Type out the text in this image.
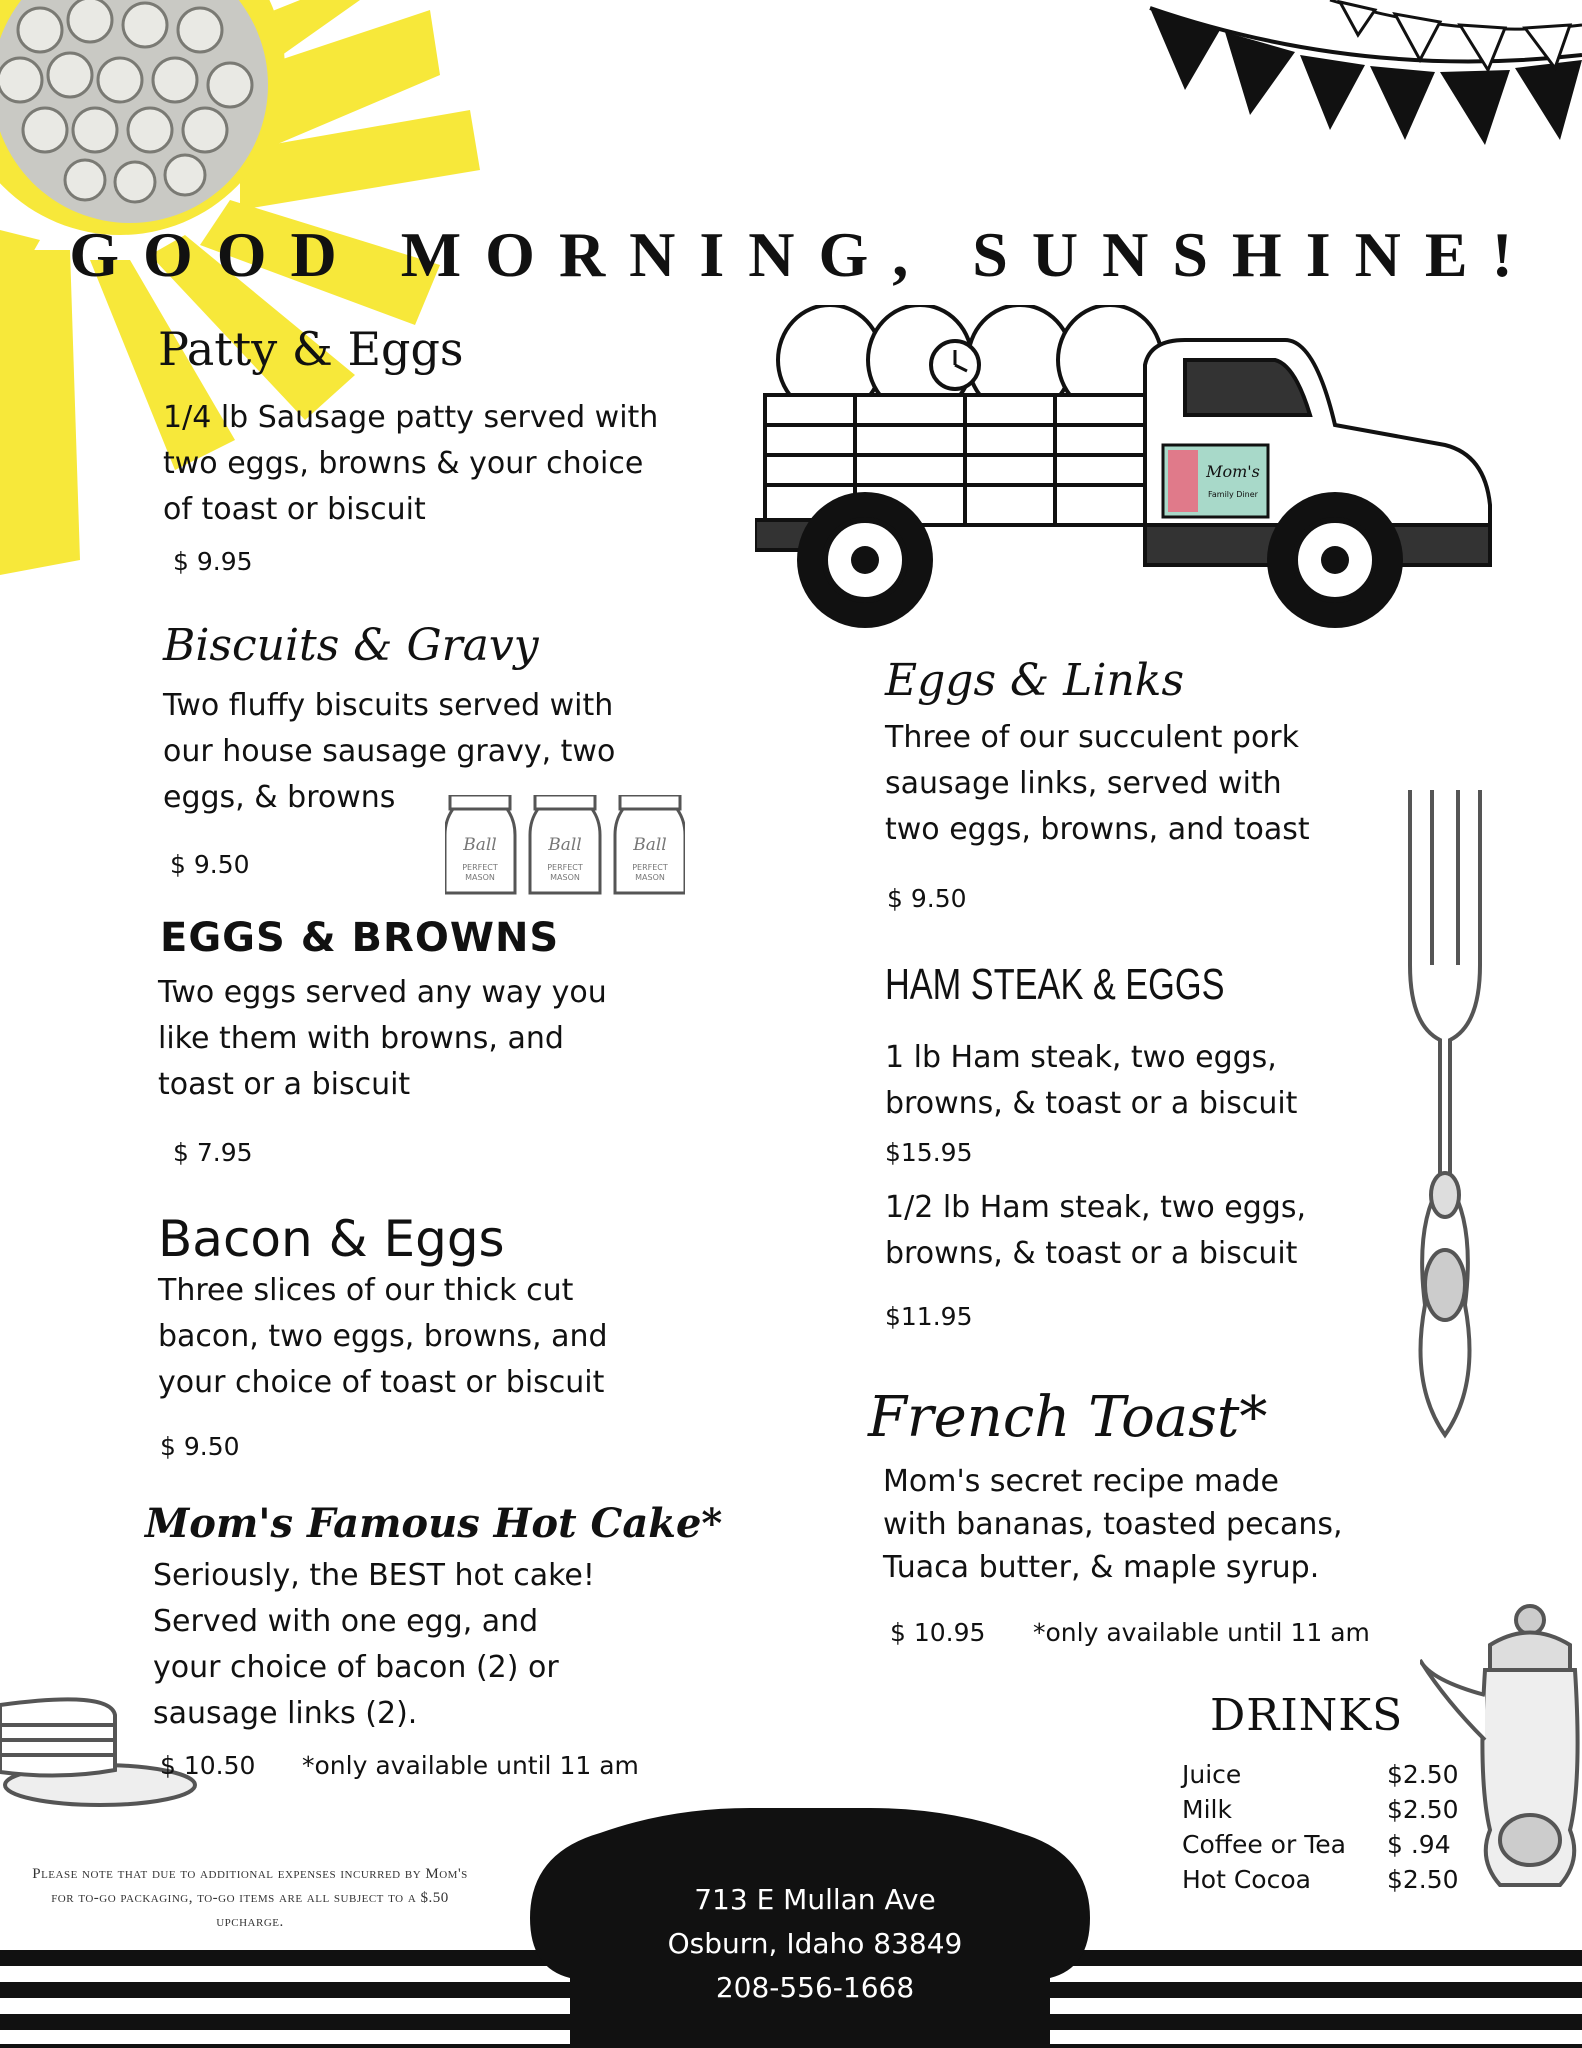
GOOD MORNING, SUNSHINE!
Mom's
Family Diner
Ball
PERFECT
MASON
Ball
PERFECT
MASON
Ball
PERFECT
MASON
Patty & Eggs
1/4 lb Sausage patty served with
two eggs, browns & your choice
of toast or biscuit
$ 9.95
Biscuits & Gravy
Two fluffy biscuits served with
our house sausage gravy, two
eggs, & browns
$ 9.50
EGGS & BROWNS
Two eggs served any way you
like them with browns, and
toast or a biscuit
$ 7.95
Bacon & Eggs
Three slices of our thick cut
bacon, two eggs, browns, and
your choice of toast or biscuit
$ 9.50
Mom's Famous Hot Cake*
Seriously, the BEST hot cake!
Served with one egg, and
your choice of bacon (2) or
sausage links (2).
$ 10.50 *only available until 11 am
Eggs & Links
Three of our succulent pork
sausage links, served with
two eggs, browns, and toast
$ 9.50
HAM STEAK & EGGS
1 lb Ham steak, two eggs,
browns, & toast or a biscuit
$15.95
1/2 lb Ham steak, two eggs,
browns, & toast or a biscuit
$11.95
French Toast*
Mom's secret recipe made
with bananas, toasted pecans,
Tuaca butter, & maple syrup.
$ 10.95 *only available until 11 am
DRINKS
Juice	$2.50
Milk	$2.50
Coffee or Tea $ .94
Hot Cocoa	$2.50
Please note that due to additional expenses incurred by Mom's
for to-go packaging, to-go items are all subject to a $.50
upcharge.
713 E Mullan Ave
Osburn, Idaho 83849
208-556-1668
